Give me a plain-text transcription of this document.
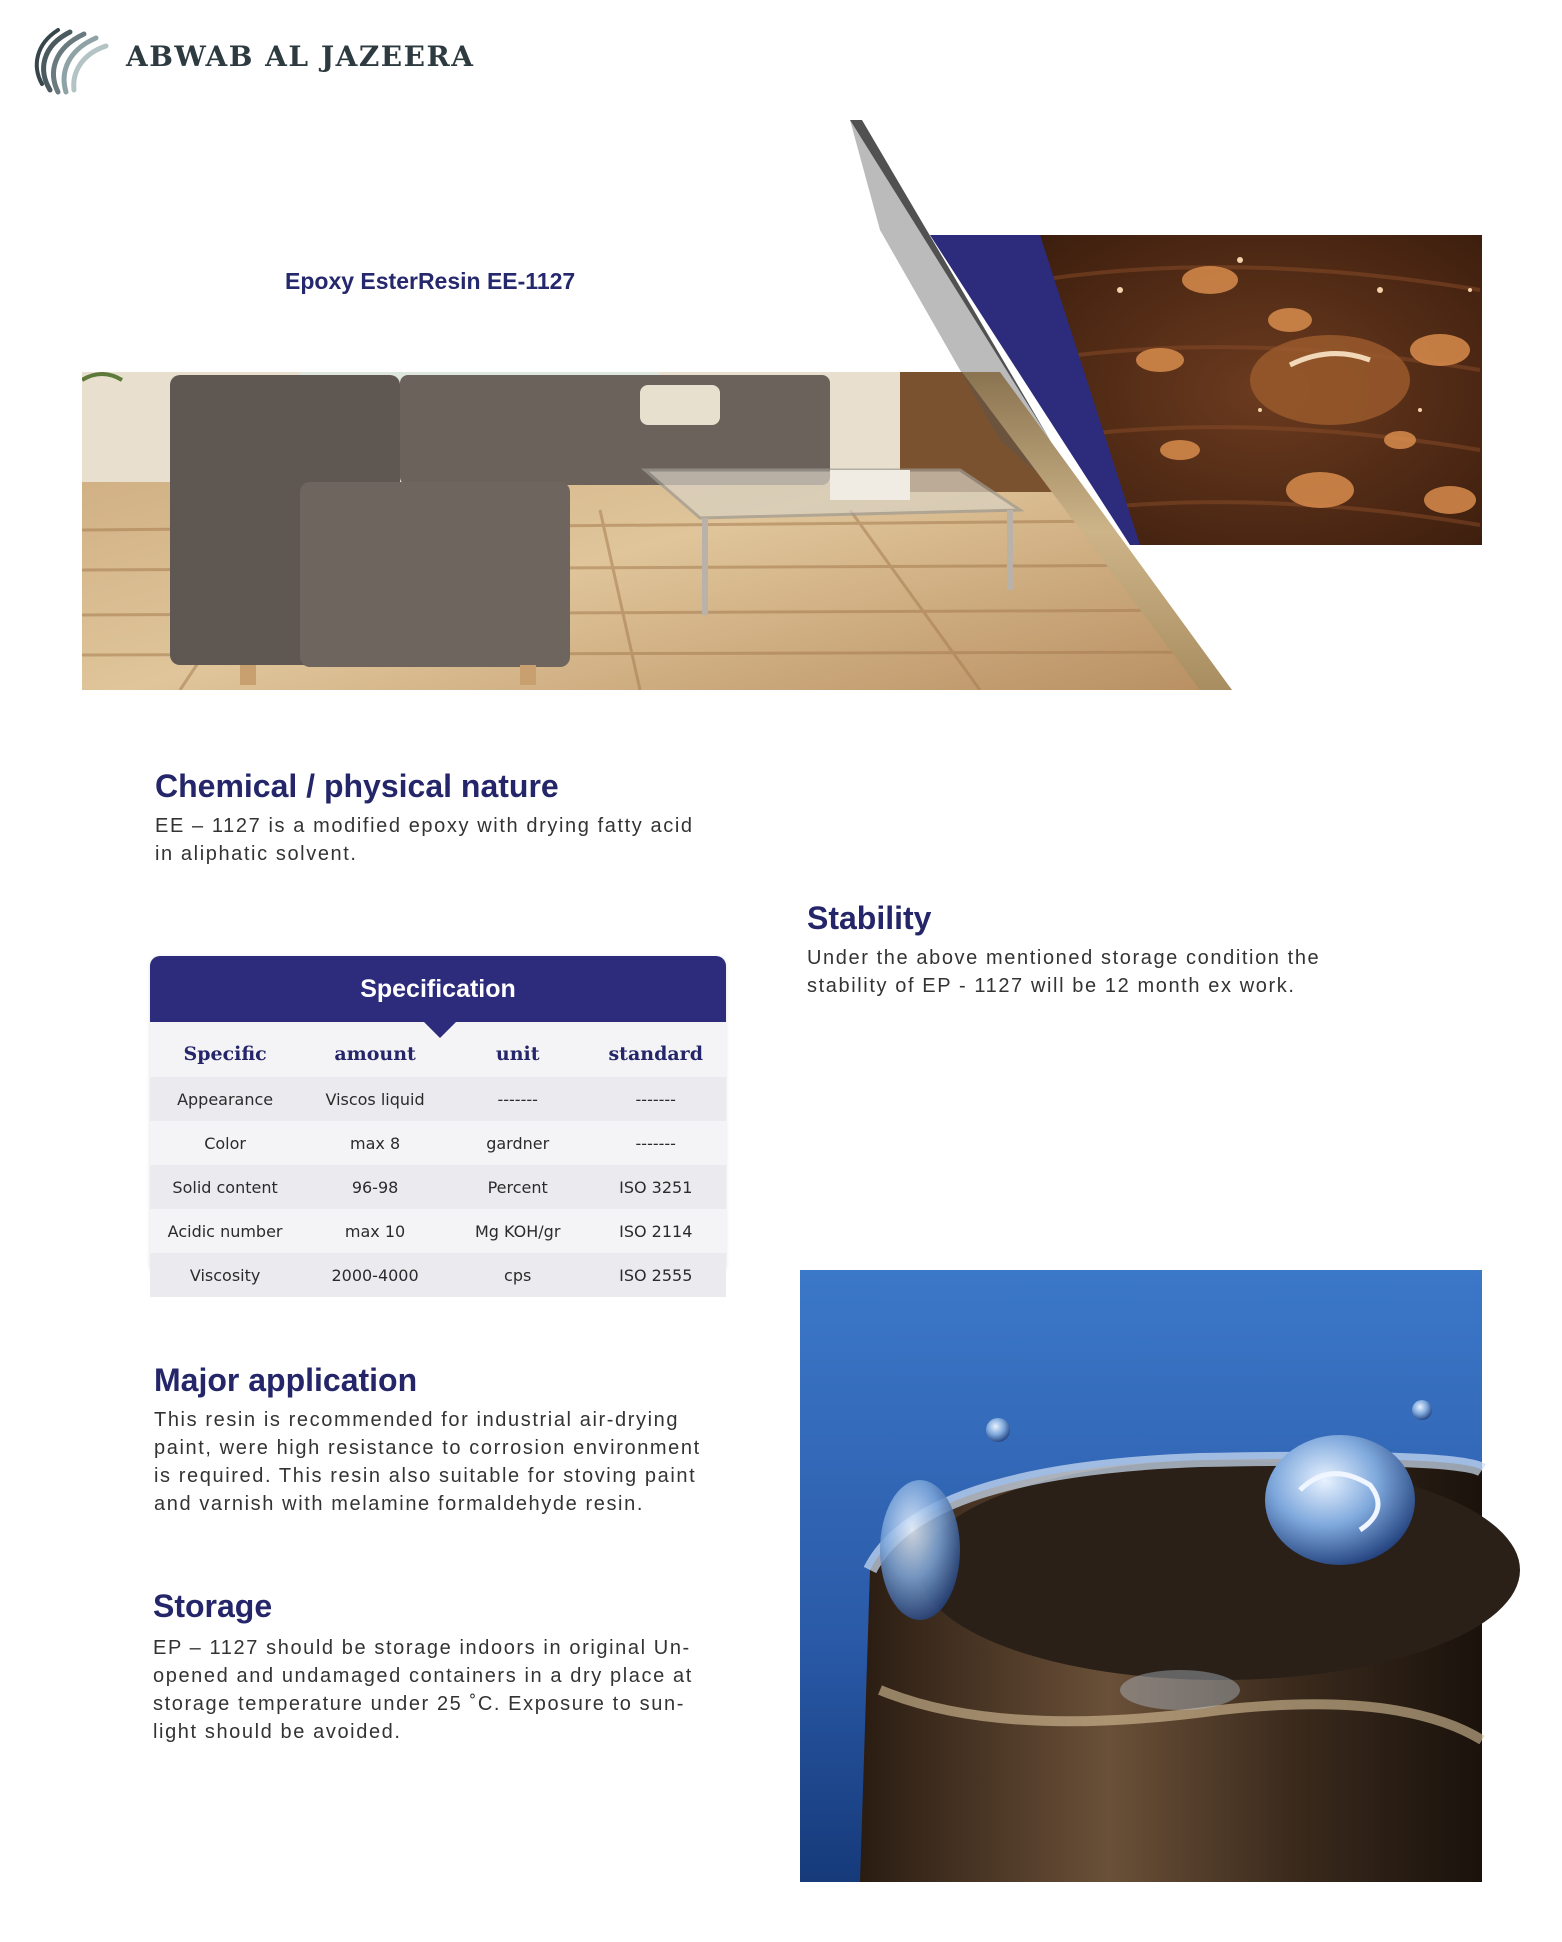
ABWAB AL JAZEERA
Epoxy EsterResin EE-1127
Chemical / physical nature
EE – 1127 is a modified epoxy with drying fatty acid
in aliphatic solvent.
Stability
Under the above mentioned storage condition the
stability of EP - 1127 will be 12 month ex work.
Specification
Specific	amount	unit	standard
Appearance	Viscos liquid	-------	-------
Color	max 8	gardner	-------
Solid content	96-98	Percent	ISO 3251
Acidic number	max 10	Mg KOH/gr	ISO 2114
Viscosity	2000-4000	cps	ISO 2555
Major application
This resin is recommended for industrial air-drying
paint, were high resistance to corrosion environment
is required. This resin also suitable for stoving paint
and varnish with melamine formaldehyde resin.
Storage
EP – 1127 should be storage indoors in original Un-
opened and undamaged containers in a dry place at
storage temperature under 25 ˚C. Exposure to sun-
light should be avoided.
